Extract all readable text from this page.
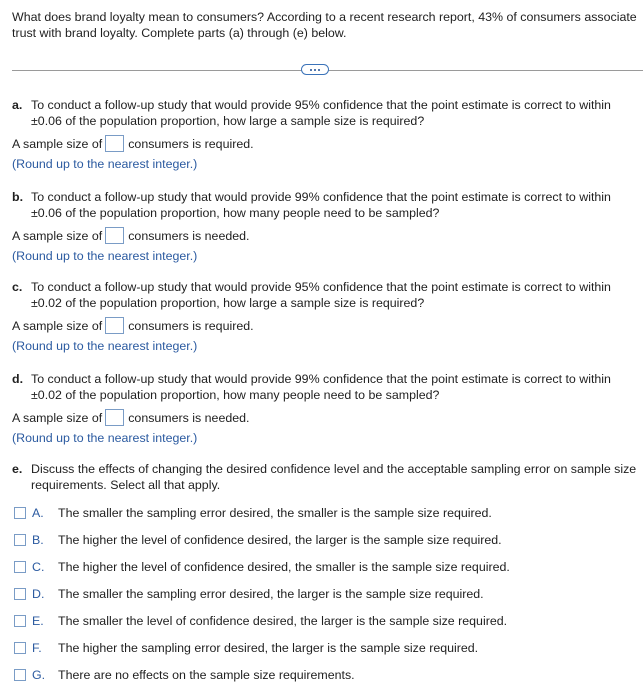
What does brand loyalty mean to consumers? According to a recent research report, 43% of consumers associate trust with brand loyalty. Complete parts (a) through (e) below.
a. To conduct a follow-up study that would provide 95% confidence that the point estimate is correct to within ±0.06 of the population proportion, how large a sample size is required?
A sample size of consumers is required.
(Round up to the nearest integer.)
b. To conduct a follow-up study that would provide 99% confidence that the point estimate is correct to within ±0.06 of the population proportion, how many people need to be sampled?
A sample size of consumers is needed.
(Round up to the nearest integer.)
c. To conduct a follow-up study that would provide 95% confidence that the point estimate is correct to within ±0.02 of the population proportion, how large a sample size is required?
A sample size of consumers is required.
(Round up to the nearest integer.)
d. To conduct a follow-up study that would provide 99% confidence that the point estimate is correct to within ±0.02 of the population proportion, how many people need to be sampled?
A sample size of consumers is needed.
(Round up to the nearest integer.)
e. Discuss the effects of changing the desired confidence level and the acceptable sampling error on sample size requirements. Select all that apply.
A.	The smaller the sampling error desired, the smaller is the sample size required.
B.	The higher the level of confidence desired, the larger is the sample size required.
C.	The higher the level of confidence desired, the smaller is the sample size required.
D.	The smaller the sampling error desired, the larger is the sample size required.
E.	The smaller the level of confidence desired, the larger is the sample size required.
F.	The higher the sampling error desired, the larger is the sample size required.
G.	There are no effects on the sample size requirements.
